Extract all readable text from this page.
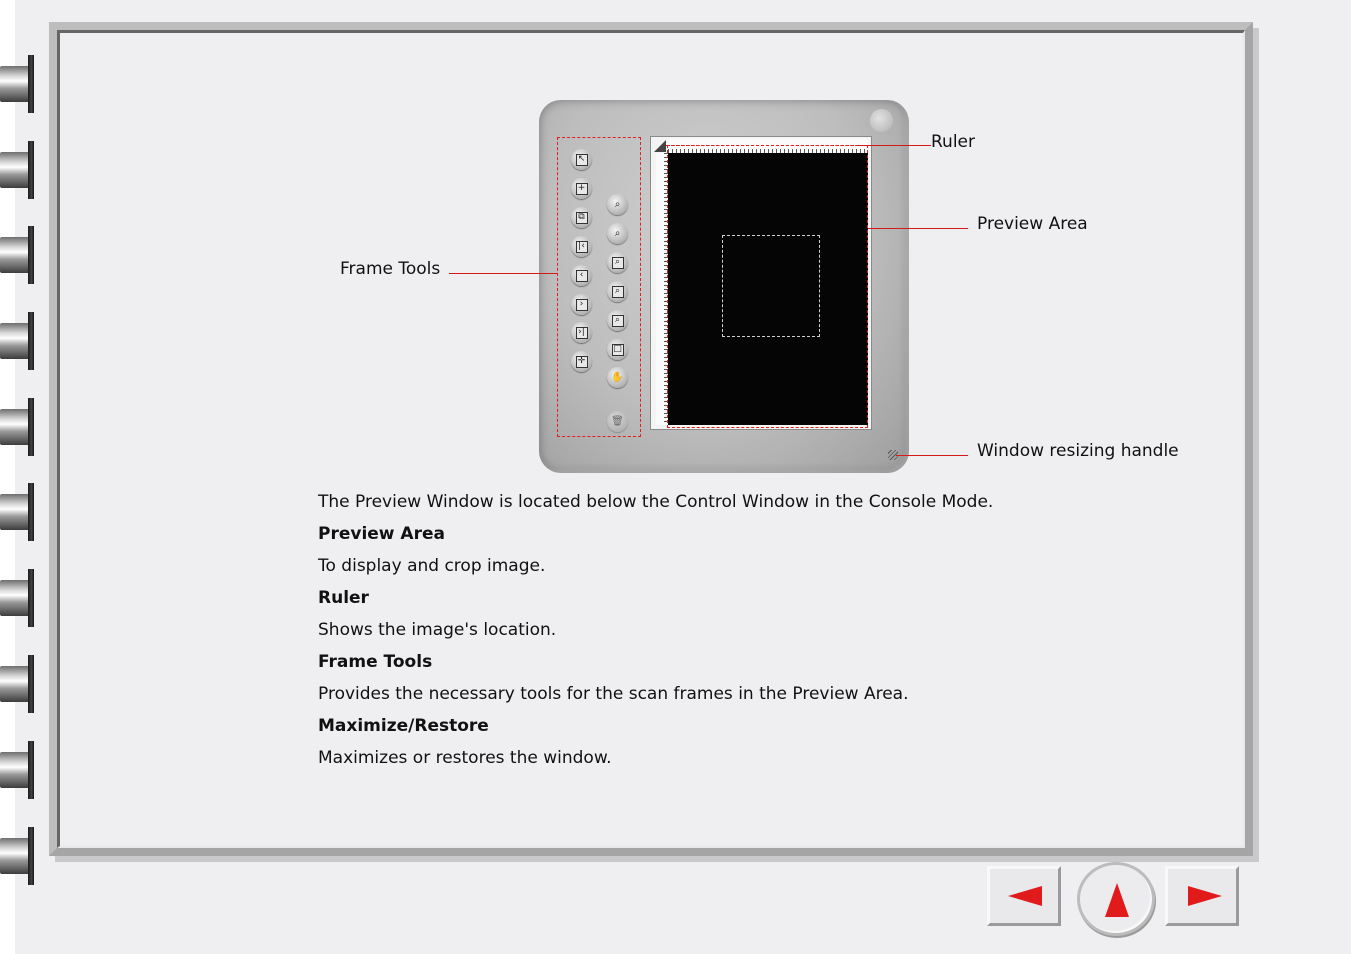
↖
+
⧉
|‹
‹
›
›|
✛
⌕
⌕
⌕
⌕
⌕
□
✋
🗑
Ruler
Preview Area
Frame Tools
Window resizing handle
The Preview Window is located below the Control Window in the Console Mode.
Preview Area
To display and crop image.
Ruler
Shows the image's location.
Frame Tools
Provides the necessary tools for the scan frames in the Preview Area.
Maximize/Restore
Maximizes or restores the window.
